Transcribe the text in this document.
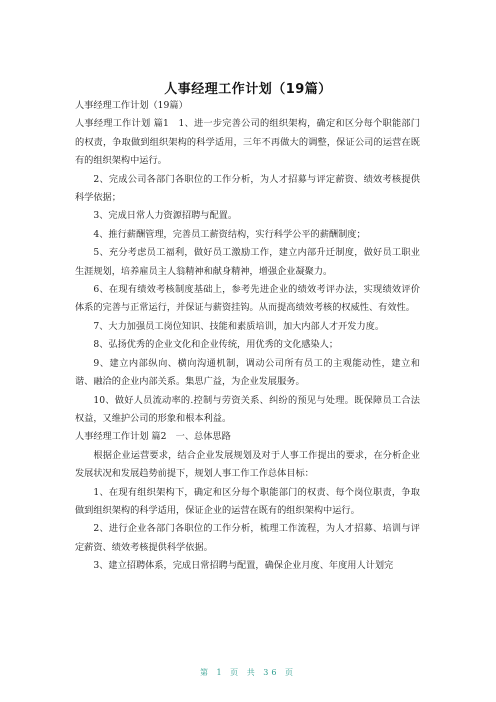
人事经理工作计划（19篇）

人事经理工作计划（19篇）

人事经理工作计划 篇1　1、进一步完善公司的组织架构，确定和区分每个职能部门的权责，争取做到组织架构的科学适用，三年不再做大的调整，保证公司的运营在既有的组织架构中运行。

2、完成公司各部门各职位的工作分析，为人才招募与评定薪资、绩效考核提供科学依据；

3、完成日常人力资源招聘与配置。

4、推行薪酬管理，完善员工薪资结构，实行科学公平的薪酬制度；

5、充分考虑员工福利，做好员工激励工作，建立内部升迁制度，做好员工职业生涯规划，培养雇员主人翁精神和献身精神，增强企业凝聚力。

6、在现有绩效考核制度基础上，参考先进企业的绩效考评办法，实现绩效评价体系的完善与正常运行，并保证与薪资挂钩。从而提高绩效考核的权威性、有效性。

7、大力加强员工岗位知识、技能和素质培训，加大内部人才开发力度。

8、弘扬优秀的企业文化和企业传统，用优秀的文化感染人；

9、建立内部纵向、横向沟通机制，调动公司所有员工的主观能动性，建立和谐、融洽的企业内部关系。集思广益，为企业发展服务。

10、做好人员流动率的.控制与劳资关系、纠纷的预见与处理。既保障员工合法权益，又维护公司的形象和根本利益。

人事经理工作计划 篇2　一、总体思路

根据企业运营要求，结合企业发展规划及对于人事工作提出的要求，在分析企业发展状况和发展趋势前提下，规划人事工作工作总体目标：

1、在现有组织架构下，确定和区分每个职能部门的权责、每个岗位职责，争取做到组织架构的科学适用，保证企业的运营在既有的组织架构中运行。

2、进行企业各部门各职位的工作分析，梳理工作流程，为人才招募、培训与评定薪资、绩效考核提供科学依据。

3、建立招聘体系，完成日常招聘与配置，确保企业月度、年度用人计划完

第 1 页 共 36 页
